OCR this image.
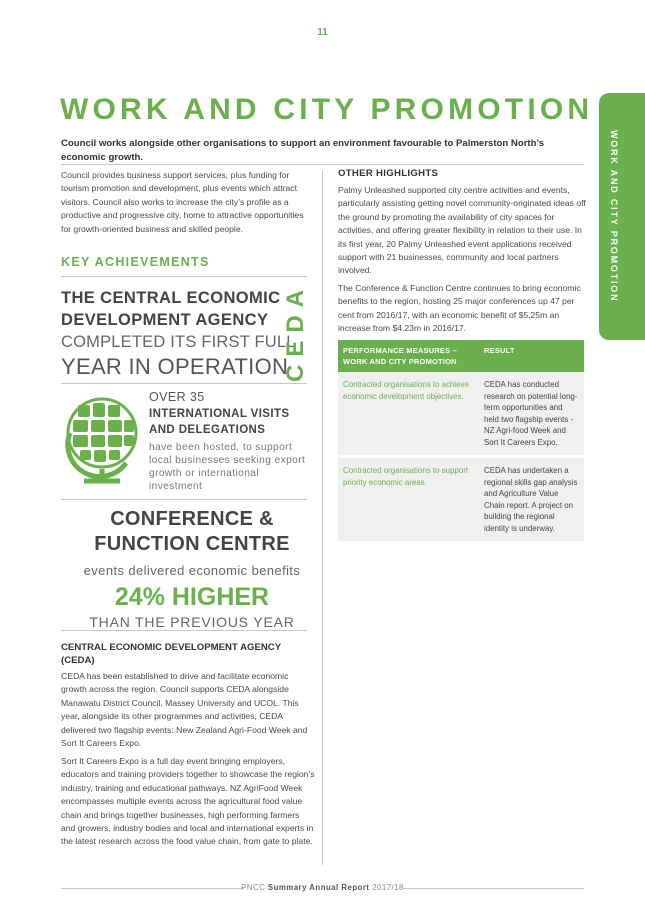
11
WORK AND CITY PROMOTION
WORK AND CITY PROMOTION
Council works alongside other organisations to support an environment favourable to Palmerston North’s economic growth.
Council provides business support services, plus funding for tourism promotion and development, plus events which attract visitors. Council also works to increase the city’s profile as a productive and progressive city, home to attractive opportunities for growth-oriented business and skilled people.
KEY ACHIEVEMENTS
THE CENTRAL ECONOMIC
DEVELOPMENT AGENCY
COMPLETED ITS FIRST FULL
YEAR IN OPERATION
CEDA
OVER 35
INTERNATIONAL VISITS
AND DELEGATIONS
have been hosted, to support local businesses seeking export growth or international investment
CONFERENCE &
FUNCTION CENTRE
events delivered economic benefits
24% HIGHER
THAN THE PREVIOUS YEAR
CENTRAL ECONOMIC DEVELOPMENT AGENCY (CEDA)
CEDA has been established to drive and facilitate economic growth across the region. Council supports CEDA alongside Manawatu District Council, Massey University and UCOL. This year, alongside its other programmes and activities, CEDA delivered two flagship events: New Zealand Agri-Food Week and Sort It Careers Expo.
Sort It Careers Expo is a full day event bringing employers, educators and training providers together to showcase the region’s industry, training and educational pathways. NZ AgriFood Week encompasses multiple events across the agricultural food value chain and brings together businesses, high performing farmers and growers, industry bodies and local and international experts in the latest research across the food value chain, from gate to plate.
OTHER HIGHLIGHTS
Palmy Unleashed supported city centre activities and events, particularly assisting getting novel community-originated ideas off the ground by promoting the availability of city spaces for activities, and offering greater flexibility in relation to their use. In its first year, 20 Palmy Unleashed event applications received support with 21 businesses, community and local partners involved.
The Conference & Function Centre continues to bring economic benefits to the region, hosting 25 major conferences up 47 per cent from 2016/17, with an economic benefit of $5.25m an increase from $4.23m in 2016/17.
PERFORMANCE MEASURES –
WORK AND CITY PROMOTION	RESULT
Contracted organisations to achieve economic development objectives.	CEDA has conducted research on potential long-term opportunities and held two flagship events - NZ Agri-food Week and Sort It Careers Expo.
Contracted organisations to support priority economic areas.	CEDA has undertaken a regional skills gap analysis and Agriculture Value Chain report. A project on building the regional identity is underway.
PNCC Summary Annual Report 2017/18
